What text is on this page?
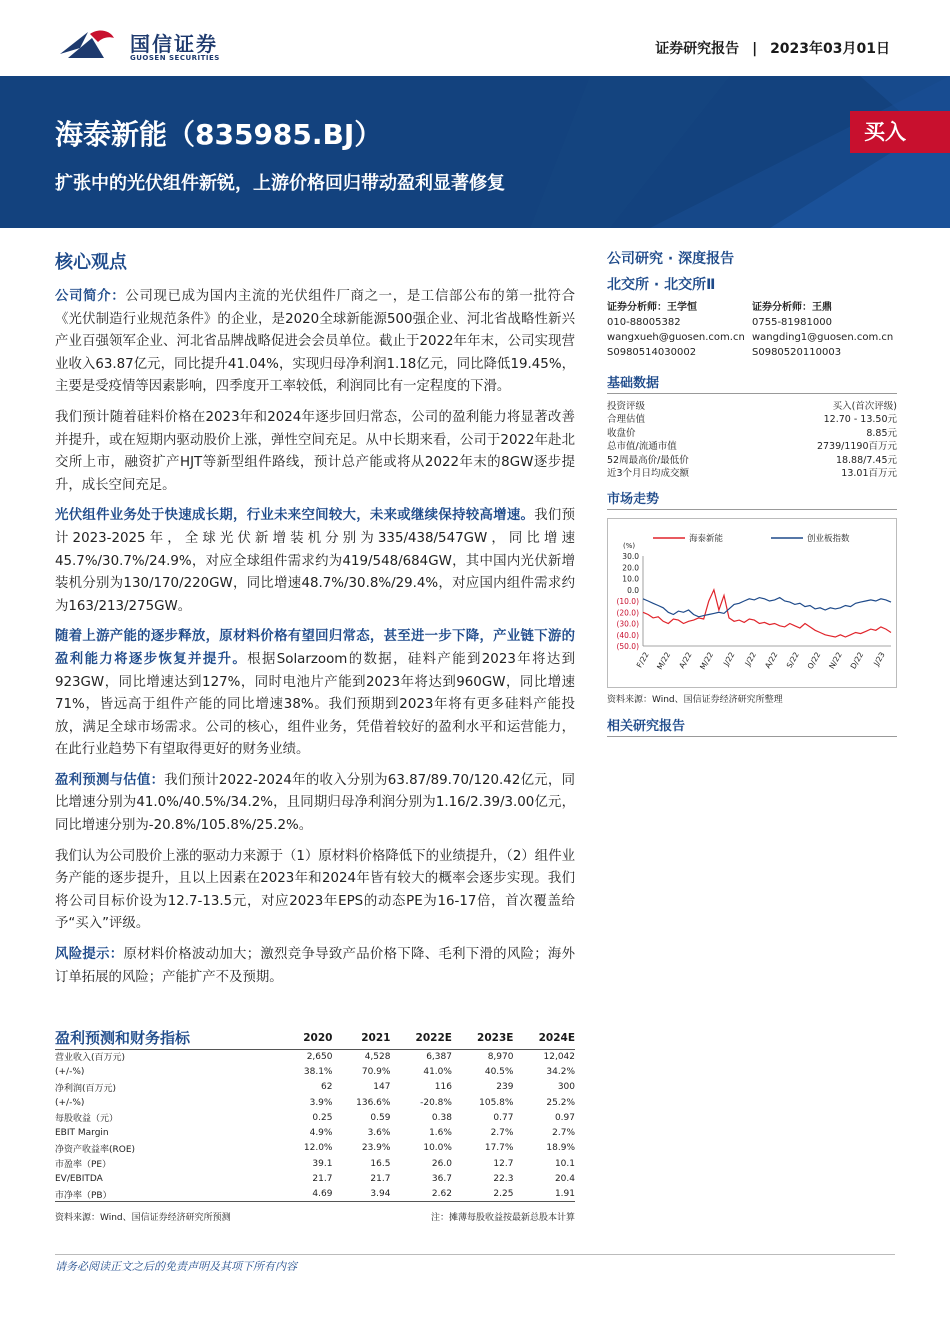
国信证券
GUOSEN SECURITIES
证券研究报告 | 2023年03月01日
海泰新能（835985.BJ）
扩张中的光伏组件新锐，上游价格回归带动盈利显著修复
买入
核心观点
公司简介：公司现已成为国内主流的光伏组件厂商之一，是工信部公布的第一批符合《光伏制造行业规范条件》的企业，是2020全球新能源500强企业、河北省战略性新兴产业百强领军企业、河北省品牌战略促进会会员单位。截止于2022年年末，公司实现营业收入63.87亿元，同比提升41.04%，实现归母净利润1.18亿元，同比降低19.45%，主要是受疫情等因素影响，四季度开工率较低，利润同比有一定程度的下滑。
我们预计随着硅料价格在2023年和2024年逐步回归常态，公司的盈利能力将显著改善并提升，或在短期内驱动股价上涨，弹性空间充足。从中长期来看，公司于2022年赴北交所上市，融资扩产HJT等新型组件路线，预计总产能或将从2022年末的8GW逐步提升，成长空间充足。
光伏组件业务处于快速成长期，行业未来空间较大，未来或继续保持较高增速。我们预计2023-2025年，全球光伏新增装机分别为335/438/547GW，同比增速45.7%/30.7%/24.9%，对应全球组件需求约为419/548/684GW，其中国内光伏新增装机分别为130/170/220GW，同比增速48.7%/30.8%/29.4%，对应国内组件需求约为163/213/275GW。
随着上游产能的逐步释放，原材料价格有望回归常态，甚至进一步下降，产业链下游的盈利能力将逐步恢复并提升。根据Solarzoom的数据，硅料产能到2023年将达到923GW，同比增速达到127%，同时电池片产能到2023年将达到960GW，同比增速71%，皆远高于组件产能的同比增速38%。我们预期到2023年将有更多硅料产能投放，满足全球市场需求。公司的核心，组件业务，凭借着较好的盈利水平和运营能力，在此行业趋势下有望取得更好的财务业绩。
盈利预测与估值：我们预计2022-2024年的收入分别为63.87/89.70/120.42亿元，同比增速分别为41.0%/40.5%/34.2%，且同期归母净利润分别为1.16/2.39/3.00亿元，同比增速分别为-20.8%/105.8%/25.2%。
我们认为公司股价上涨的驱动力来源于（1）原材料价格降低下的业绩提升，（2）组件业务产能的逐步提升，且以上因素在2023年和2024年皆有较大的概率会逐步实现。我们将公司目标价设为12.7-13.5元，对应2023年EPS的动态PE为16-17倍，首次覆盖给予“买入”评级。
风险提示：原材料价格波动加大；激烈竞争导致产品价格下降、毛利下滑的风险；海外订单拓展的风险；产能扩产不及预期。
公司研究 · 深度报告
北交所 · 北交所Ⅱ
证券分析师：王学恒
010-88005382
wangxueh@guosen.com.cn
S0980514030002
证券分析师：王鼎
0755-81981000
wangding1@guosen.com.cn
S0980520110003
基础数据
投资评级	买入(首次评级)
合理估值	12.70 - 13.50元
收盘价	8.85元
总市值/流通市值	2739/1190百万元
52周最高价/最低价	18.88/7.45元
近3个月日均成交额	13.01百万元
市场走势
海泰新能	创业板指数
(%)
30.0
20.0
10.0
0.0
(10.0)
(20.0)
(30.0)
(40.0)
(50.0)
F/22 M/22 A/22 M/22 J/22 J/22 A/22 S/22 O/22 N/22 D/22 J/23
资料来源：Wind、国信证券经济研究所整理
相关研究报告
盈利预测和财务指标	2020	2021	2022E	2023E	2024E
营业收入(百万元)	2,650	4,528	6,387	8,970	12,042
(+/-%)	38.1%	70.9%	41.0%	40.5%	34.2%
净利润(百万元)	62	147	116	239	300
(+/-%)	3.9%	136.6%	-20.8%	105.8%	25.2%
每股收益（元）	0.25	0.59	0.38	0.77	0.97
EBIT Margin	4.9%	3.6%	1.6%	2.7%	2.7%
净资产收益率(ROE)	12.0%	23.9%	10.0%	17.7%	18.9%
市盈率（PE）	39.1	16.5	26.0	12.7	10.1
EV/EBITDA	21.7	21.7	36.7	22.3	20.4
市净率（PB）	4.69	3.94	2.62	2.25	1.91
资料来源：Wind、国信证券经济研究所预测	注：摊薄每股收益按最新总股本计算
请务必阅读正文之后的免责声明及其项下所有内容
